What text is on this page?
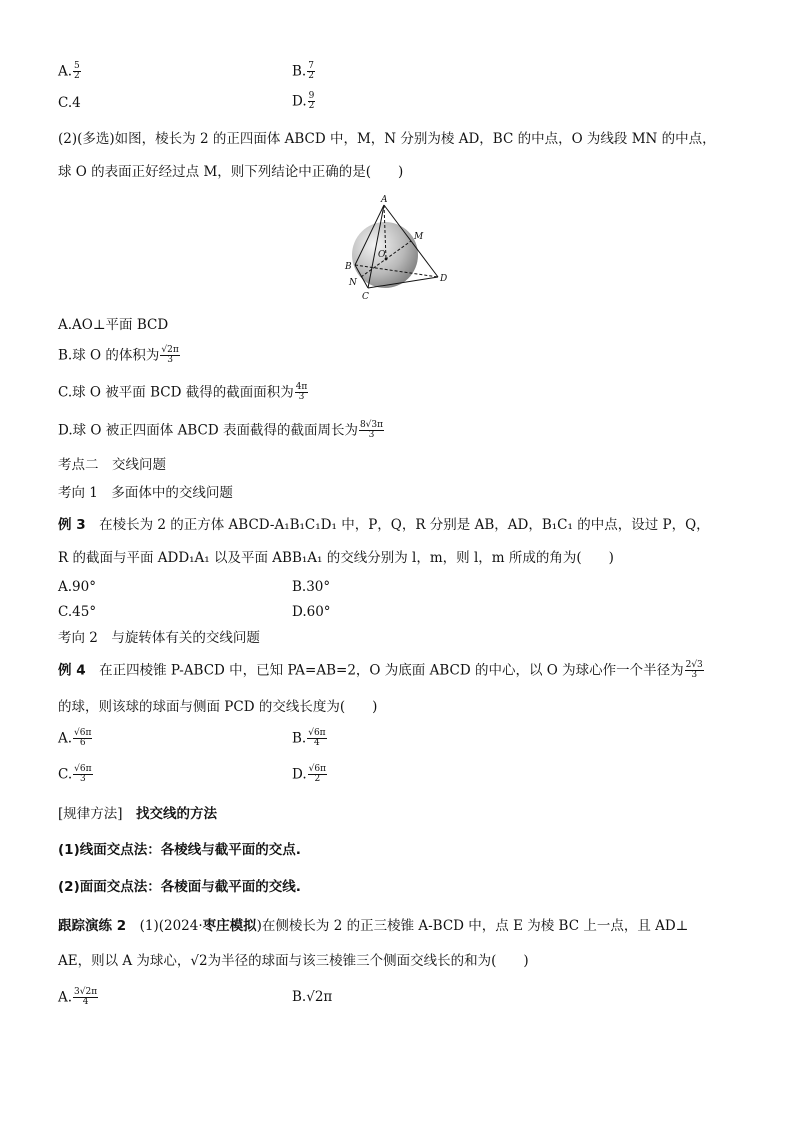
A. $\frac{5}{2}$	B. $\frac{7}{2}$
C.4	D. $\frac{9}{2}$
(2)(多选)如图，棱长为 2 的正四面体 ABCD 中，M，N 分别为棱 AD，BC 的中点，O 为线段 MN 的中点，
球 O 的表面正好经过点 M，则下列结论中正确的是(　　)
A
M
O
B
D
N
C
A.AO⊥平面 BCD
B.球 O 的体积为 $\frac{√2\pi}{3}$
C.球 O 被平面 BCD 截得的截面面积为 $\frac{4\pi}{3}$
D.球 O 被正四面体 ABCD 表面截得的截面周长为 $\frac{8√3\pi}{3}$
考点二　交线问题
考向 1　多面体中的交线问题
例 3　 在棱长为 2 的正方体 ABCD-A₁B₁C₁D₁ 中，P，Q，R 分别是 AB，AD，B₁C₁ 的中点，设过 P，Q，
R 的截面与平面 ADD₁A₁ 以及平面 ABB₁A₁ 的交线分别为 l，m，则 l，m 所成的角为(　　)
A.90°	B.30°
C.45°	D.60°
考向 2　与旋转体有关的交线问题
例 4　 在正四棱锥 P-ABCD 中，已知 PA=AB=2，O 为底面 ABCD 的中心，以 O 为球心作一个半径为 $\frac{2√3}{3}$
的球，则该球的球面与侧面 PCD 的交线长度为(　　)
A. $\frac{√6\pi}{6}$	B. $\frac{√6\pi}{4}$
C. $\frac{√6\pi}{3}$	D. $\frac{√6\pi}{2}$
[规律方法]　 找交线的方法
(1)线面交点法：各棱线与截平面的交点.
(2)面面交点法：各棱面与截平面的交线.
跟踪演练 2　 (1)(2024·枣庄模拟)在侧棱长为 2 的正三棱锥 A-BCD 中，点 E 为棱 BC 上一点，且 AD⊥
AE，则以 A 为球心，√2为半径的球面与该三棱锥三个侧面交线长的和为(　　)
A. $\frac{3√2\pi}{4}$	B.√2π
